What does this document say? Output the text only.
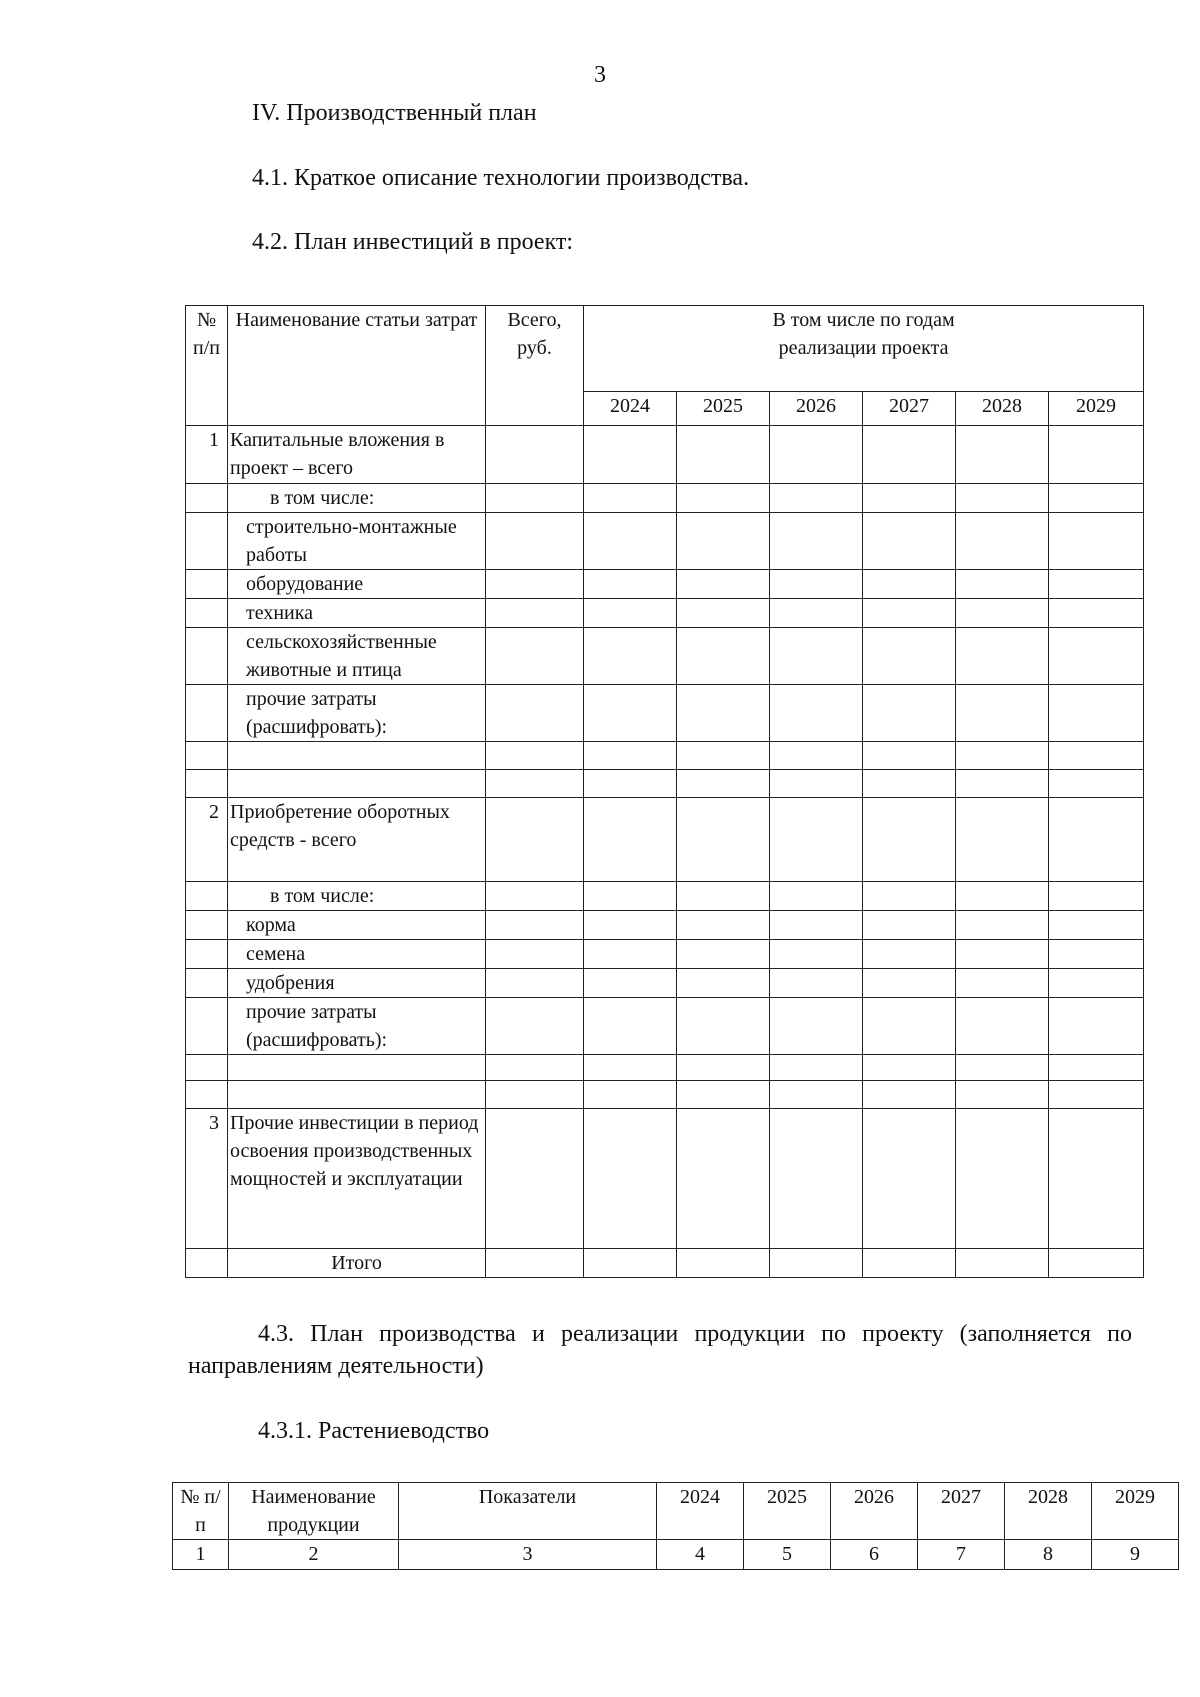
3
IV. Производственный план
4.1. Краткое описание технологии производства.
4.2. План инвестиций в проект:
№ п/п	Наименование статьи затрат	Всего, руб.	В том числе по годам реализации проекта					
			2024	2025	2026	2027	2028	2029
1	Капитальные вложения в проект – всего							
	в том числе:							
	строительно-монтажные работы							
	оборудование							
	техника							
	сельскохозяйственные животные и птица							
	прочие затраты (расшифровать):							

2	Приобретение оборотных средств - всего							
	в том числе:							
	корма							
	семена							
	удобрения							
	прочие затраты (расшифровать):							

3	Прочие инвестиции в период освоения производственных мощностей и эксплуатации							
	Итого							
4.3. План производства и реализации продукции по проекту (заполняется по направлениям деятельности)
4.3.1. Растениеводство
№ п/п	Наименование продукции	Показатели	2024	2025	2026	2027	2028	2029
1	2	3	4	5	6	7	8	9
